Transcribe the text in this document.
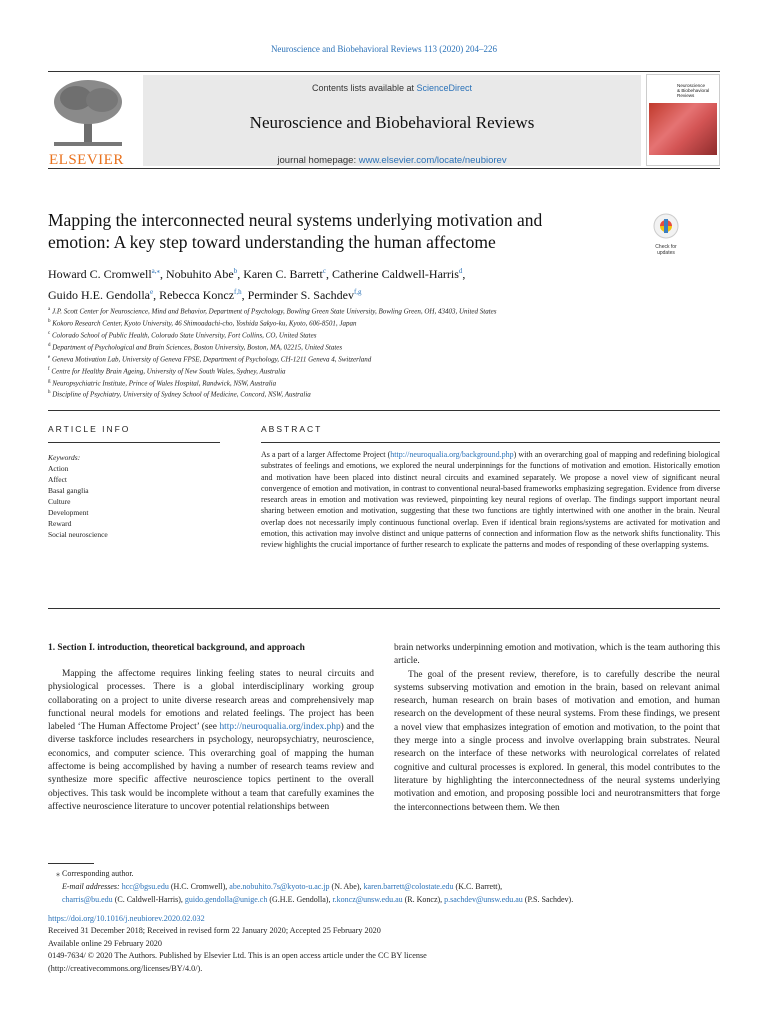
Neuroscience and Biobehavioral Reviews 113 (2020) 204–226
ELSEVIER
Contents lists available at ScienceDirect
Neuroscience and Biobehavioral Reviews
journal homepage: www.elsevier.com/locate/neubiorev
Neuroscience
& Biobehavioral
Reviews
Mapping the interconnected neural systems underlying motivation and emotion: A key step toward understanding the human affectome	Check for
updates
Howard C. Cromwell$^{a,⁎}$, Nobuhito Abe$^b$, Karen C. Barrett$^c$, Catherine Caldwell-Harris$^d$,
Guido H.E. Gendolla$^e$, Rebecca Koncz$^{f,h}$, Perminder S. Sachdev$^{f,g}$
$^a$ J.P. Scott Center for Neuroscience, Mind and Behavior, Department of Psychology, Bowling Green State University, Bowling Green, OH, 43403, United States
$^b$ Kokoro Research Center, Kyoto University, 46 Shimoadachi-cho, Yoshida Sakyo-ku, Kyoto, 606-8501, Japan
$^c$ Colorado School of Public Health, Colorado State University, Fort Collins, CO, United States
$^d$ Department of Psychological and Brain Sciences, Boston University, Boston, MA, 02215, United States
$^e$ Geneva Motivation Lab, University of Geneva FPSE, Department of Psychology, CH-1211 Geneva 4, Switzerland
$^f$ Centre for Healthy Brain Ageing, University of New South Wales, Sydney, Australia
$^g$ Neuropsychiatric Institute, Prince of Wales Hospital, Randwick, NSW, Australia
$^h$ Discipline of Psychiatry, University of Sydney School of Medicine, Concord, NSW, Australia
ARTICLE INFO	ABSTRACT
Keywords:
Action
Affect
Basal ganglia
Culture
Development
Reward
Social neuroscience
As a part of a larger Affectome Project (http://neuroqualia.org/background.php) with an overarching goal of mapping and redefining biological substrates of feelings and emotions, we explored the neural underpinnings for the functions of motivation and emotion. Historically emotion and motivation have been placed into distinct neural circuits and examined separately. We propose a novel view of significant neural convergence of emotion and motivation, in contrast to conventional neural-based frameworks emphasizing segregation. Evidence from diverse research areas in emotion and motivation was reviewed, pinpointing key neural regions of overlap. The findings support important neural sharing between emotion and motivation, suggesting that these two functions are tightly intertwined with one another in the brain. Neural overlap does not necessarily imply continuous functional overlap. Even if identical brain regions/systems are activated for motivation and emotion, this activation may involve distinct and unique patterns of connection and information flow as the network shifts functionality. This review highlights the crucial importance of further research to explicate the patterns and modes of responding of these overlapping systems.
1. Section I. introduction, theoretical background, and approach

Mapping the affectome requires linking feeling states to neural circuits and physiological processes. There is a global interdisciplinary working group collaborating on a project to unite diverse research areas and comprehensively map functional neural models for emotions and related feelings. The project has been labeled ‘The Human Affectome Project’ (see http://neuroqualia.org/index.php) and the diverse taskforce includes researchers in psychology, neuropsychiatry, neuroscience, economics, and computer science. This overarching goal of mapping the human affectome is being accomplished by having a number of research teams review and synthesize more specific affective neuroscience topics pertinent to the overall objectives. This task would be incomplete without a team that carefully examines the affective neuroscience literature to uncover potential relationships between

brain networks underpinning emotion and motivation, which is the team authoring this article.

The goal of the present review, therefore, is to carefully describe the neural systems subserving motivation and emotion in the brain, based on relevant animal research, human research on brain bases of motivation and emotion, and human research on the development of these neural systems. From these findings, we present a novel view that emphasizes integration of emotion and motivation, to the point that they merge into a single process and involve overlapping brain substrates. Neural research on the interface of these networks with neurological correlates of related cognitive and cultural processes is explored. In general, this model contributes to the literature by highlighting the interconnectedness of the neural systems underlying motivation and emotion, and proposing possible loci and neurotransmitters that forge the interconnections between them. We then

⁎ Corresponding author.
E-mail addresses: hcc@bgsu.edu (H.C. Cromwell), abe.nobuhito.7s@kyoto-u.ac.jp (N. Abe), karen.barrett@colostate.edu (K.C. Barrett),
charris@bu.edu (C. Caldwell-Harris), guido.gendolla@unige.ch (G.H.E. Gendolla), r.koncz@unsw.edu.au (R. Koncz), p.sachdev@unsw.edu.au (P.S. Sachdev).
https://doi.org/10.1016/j.neubiorev.2020.02.032
Received 31 December 2018; Received in revised form 22 January 2020; Accepted 25 February 2020
Available online 29 February 2020
0149-7634/ © 2020 The Authors. Published by Elsevier Ltd. This is an open access article under the CC BY license
(http://creativecommons.org/licenses/BY/4.0/).
